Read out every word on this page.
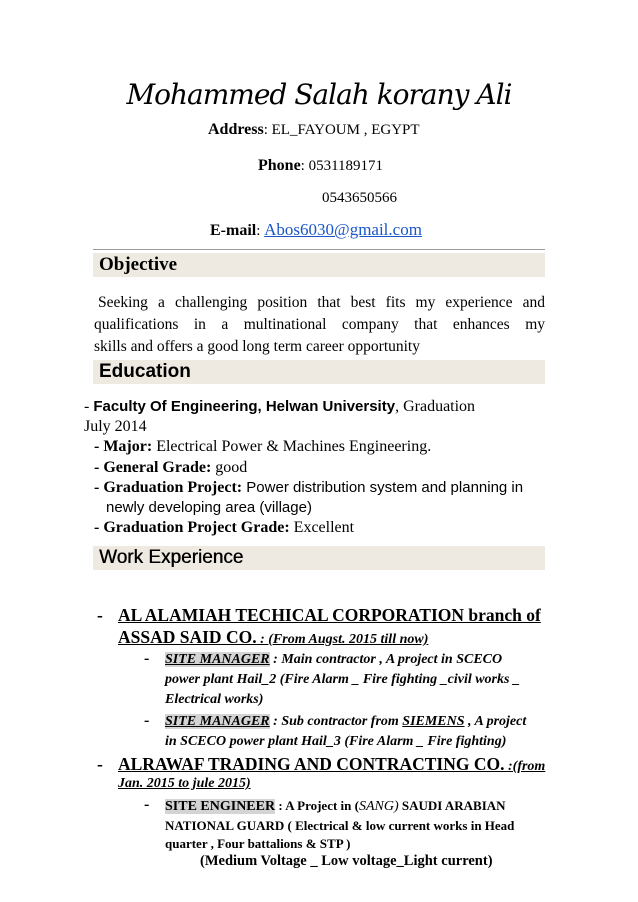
Mohammed Salah korany Ali
Address: EL_FAYOUM , EGYPT
Phone: 0531189171
0543650566
E-mail: Abos6030@gmail.com
Objective
Seeking a challenging position that best fits my experience and
qualifications in a multinational company that enhances my
skills and offers a good long term career opportunity
Education
- Faculty Of Engineering, Helwan University, Graduation
July 2014
- Major: Electrical Power & Machines Engineering.
- General Grade: good
- Graduation Project: Power distribution system and planning in
newly developing area (village)
- Graduation Project Grade: Excellent
Work Experience
- AL ALAMIAH TECHICAL CORPORATION branch of
ASSAD SAID CO. : (From Augst. 2015 till now)
- SITE MANAGER : Main contractor , A project in SCECO
power plant Hail_2 (Fire Alarm _ Fire fighting _civil works _
Electrical works)
- SITE MANAGER : Sub contractor from SIEMENS , A project
in SCECO power plant Hail_3 (Fire Alarm _ Fire fighting)
- ALRAWAF TRADING AND CONTRACTING CO. :(from
Jan. 2015 to jule 2015)
- SITE ENGINEER : A Project in (SANG) SAUDI ARABIAN
NATIONAL GUARD ( Electrical & low current works in Head
quarter , Four battalions & STP )
(Medium Voltage _ Low voltage_Light current)
